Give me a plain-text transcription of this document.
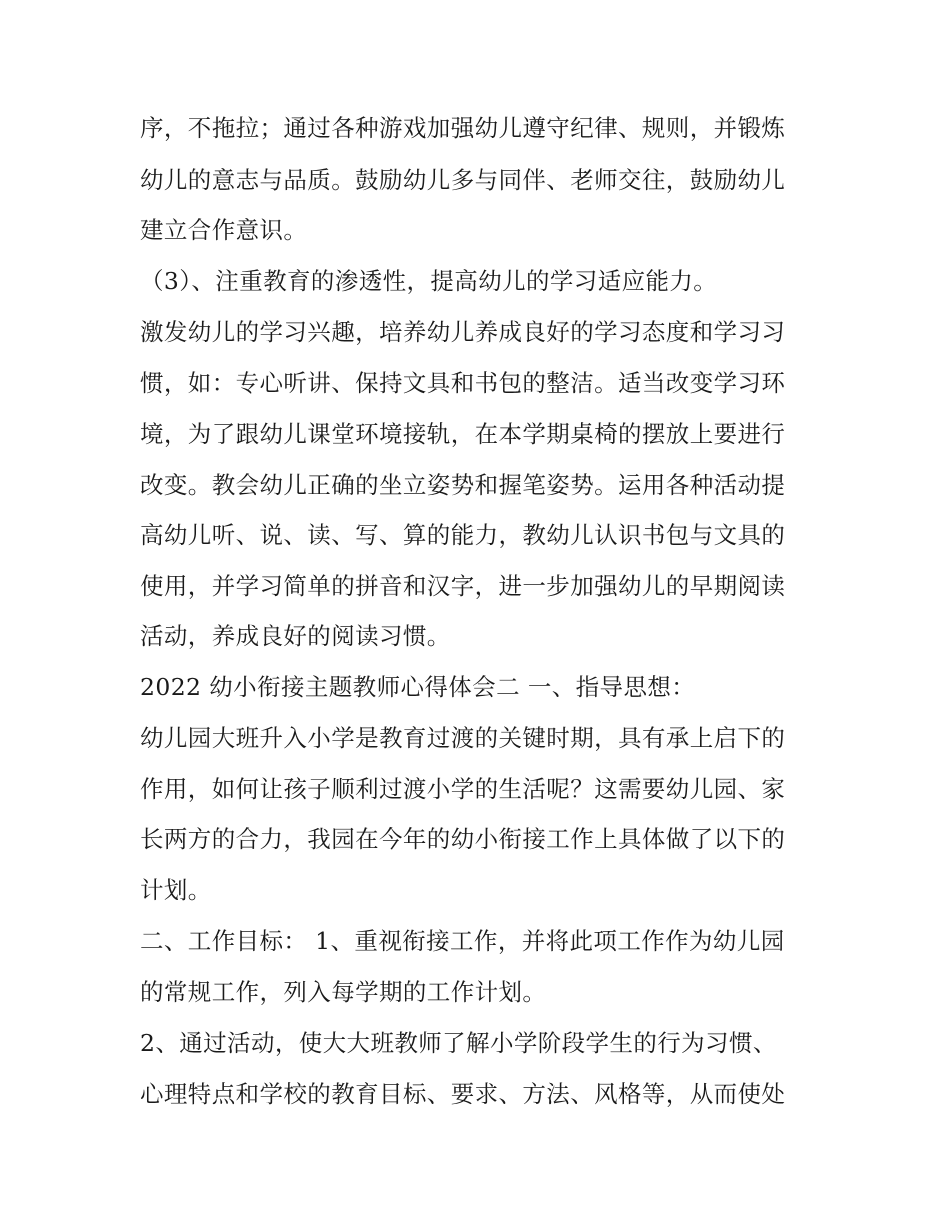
序，不拖拉；通过各种游戏加强幼儿遵守纪律、规则，并锻炼
幼儿的意志与品质。鼓励幼儿多与同伴、老师交往，鼓励幼儿
建立合作意识。
（3）、注重教育的渗透性，提高幼儿的学习适应能力。
激发幼儿的学习兴趣，培养幼儿养成良好的学习态度和学习习
惯，如：专心听讲、保持文具和书包的整洁。适当改变学习环
境，为了跟幼儿课堂环境接轨，在本学期桌椅的摆放上要进行
改变。教会幼儿正确的坐立姿势和握笔姿势。运用各种活动提
高幼儿听、说、读、写、算的能力，教幼儿认识书包与文具的
使用，并学习简单的拼音和汉字，进一步加强幼儿的早期阅读
活动，养成良好的阅读习惯。
2022 幼小衔接主题教师心得体会二 一、指导思想：
幼儿园大班升入小学是教育过渡的关键时期，具有承上启下的
作用，如何让孩子顺利过渡小学的生活呢？这需要幼儿园、家
长两方的合力，我园在今年的幼小衔接工作上具体做了以下的
计划。
二、工作目标： 1、重视衔接工作，并将此项工作作为幼儿园
的常规工作，列入每学期的工作计划。
2、通过活动，使大大班教师了解小学阶段学生的行为习惯、
心理特点和学校的教育目标、要求、方法、风格等，从而使处
